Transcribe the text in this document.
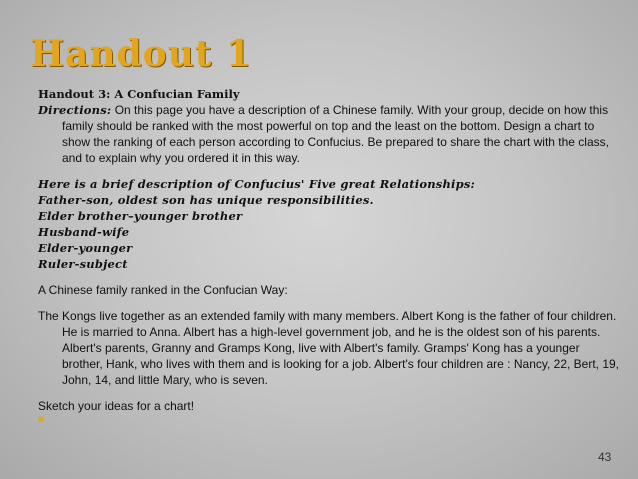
Handout 1

Handout 3: A Confucian Family

Directions: On this page you have a description of a Chinese family. With your group, decide on how this family should be ranked with the most powerful on top and the least on the bottom. Design a chart to show the ranking of each person according to Confucius. Be prepared to share the chart with the class, and to explain why you ordered it in this way.

Here is a brief description of Confucius' Five great Relationships:

Father-son, oldest son has unique responsibilities.

Elder brother–younger brother

Husband-wife

Elder-younger

Ruler-subject

A Chinese family ranked in the Confucian Way:

The Kongs live together as an extended family with many members. Albert Kong is the father of four children. He is married to Anna. Albert has a high-level government job, and he is the oldest son of his parents. Albert's parents, Granny and Gramps Kong, live with Albert's family. Gramps' Kong has a younger brother, Hank, who lives with them and is looking for a job. Albert's four children are : Nancy, 22, Bert, 19, John, 14, and little Mary, who is seven.

Sketch your ideas for a chart!

■
43
